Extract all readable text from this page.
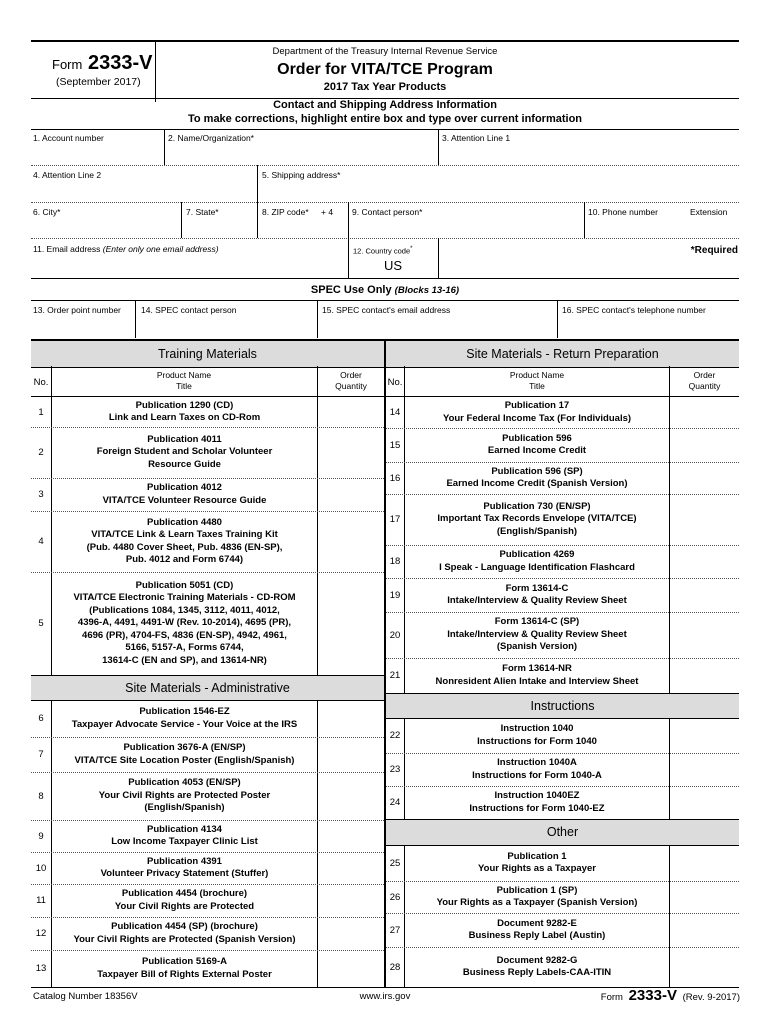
Form 2333-V
(September 2017)
Department of the Treasury Internal Revenue Service
Order for VITA/TCE Program
2017 Tax Year Products
Contact and Shipping Address Information
To make corrections, highlight entire box and type over current information
1. Account number	2. Name/Organization*	3. Attention Line 1
4. Attention Line 2	5. Shipping address*
6. City*	7. State*	8. ZIP code* + 4 9. Contact person*	10. Phone number	Extension
11. Email address (Enter only one email address)	12. Country code*
US
*Required
SPEC Use Only (Blocks 13-16)
13. Order point number 14. SPEC contact person	15. SPEC contact's email address	16. SPEC contact's telephone number
Training Materials	Site Materials - Return Preparation
No.
Product Name
Title
Order
Quantity	No.
Product Name
Title
Order
Quantity
Site Materials - Administrative
Instructions
Other
1
Publication 1290 (CD)
Link and Learn Taxes on CD-Rom
2
Publication 4011
Foreign Student and Scholar Volunteer
Resource Guide
3
Publication 4012
VITA/TCE Volunteer Resource Guide
4
Publication 4480
VITA/TCE Link & Learn Taxes Training Kit
(Pub. 4480 Cover Sheet, Pub. 4836 (EN-SP),
Pub. 4012 and Form 6744)
5
Publication 5051 (CD)
VITA/TCE Electronic Training Materials - CD-ROM
(Publications 1084, 1345, 3112, 4011, 4012,
4396-A, 4491, 4491-W (Rev. 10-2014), 4695 (PR),
4696 (PR), 4704-FS, 4836 (EN-SP), 4942, 4961,
5166, 5157-A, Forms 6744,
13614-C (EN and SP), and 13614-NR)
6
Publication 1546-EZ
Taxpayer Advocate Service - Your Voice at the IRS
7
Publication 3676-A (EN/SP)
VITA/TCE Site Location Poster (English/Spanish)
8
Publication 4053 (EN/SP)
Your Civil Rights are Protected Poster
(English/Spanish)
9
Publication 4134
Low Income Taxpayer Clinic List
10
Publication 4391
Volunteer Privacy Statement (Stuffer)
11
Publication 4454 (brochure)
Your Civil Rights are Protected
12
Publication 4454 (SP) (brochure)
Your Civil Rights are Protected (Spanish Version)
13
Publication 5169-A
Taxpayer Bill of Rights External Poster
14
Publication 17
Your Federal Income Tax (For Individuals)
15
Publication 596
Earned Income Credit
16
Publication 596 (SP)
Earned Income Credit (Spanish Version)
17
Publication 730 (EN/SP)
Important Tax Records Envelope (VITA/TCE)
(English/Spanish)
18
Publication 4269
I Speak - Language Identification Flashcard
19
Form 13614-C
Intake/Interview & Quality Review Sheet
20
Form 13614-C (SP)
Intake/Interview & Quality Review Sheet
(Spanish Version)
21
Form 13614-NR
Nonresident Alien Intake and Interview Sheet
22
Instruction 1040
Instructions for Form 1040
23
Instruction 1040A
Instructions for Form 1040-A
24
Instruction 1040EZ
Instructions for Form 1040-EZ
25
Publication 1
Your Rights as a Taxpayer
26
Publication 1 (SP)
Your Rights as a Taxpayer (Spanish Version)
27
Document 9282-E
Business Reply Label (Austin)
28
Document 9282-G
Business Reply Labels-CAA-ITIN
Catalog Number 18356V	www.irs.gov	Form 2333-V (Rev. 9-2017)
